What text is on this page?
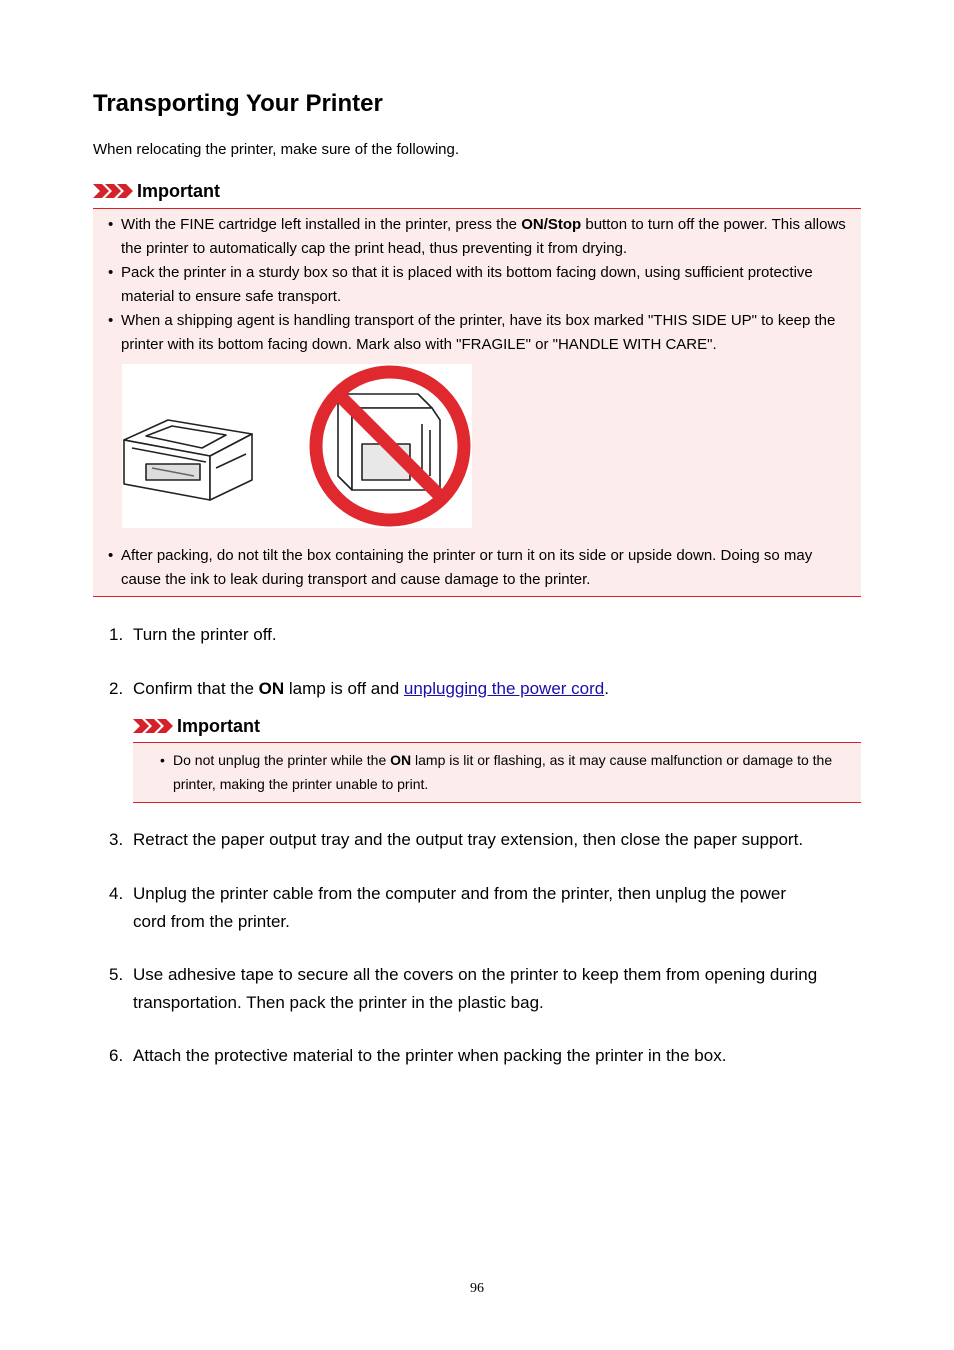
Transporting Your Printer

When relocating the printer, make sure of the following.

Important
• With the FINE cartridge left installed in the printer, press the ON/Stop button to turn off the power. This allows the printer to automatically cap the print head, thus preventing it from drying.
• Pack the printer in a sturdy box so that it is placed with its bottom facing down, using sufficient protective material to ensure safe transport.
• When a shipping agent is handling transport of the printer, have its box marked "THIS SIDE UP" to keep the printer with its bottom facing down. Mark also with "FRAGILE" or "HANDLE WITH CARE".
• After packing, do not tilt the box containing the printer or turn it on its side or upside down. Doing so may cause the ink to leak during transport and cause damage to the printer.
1. Turn the printer off.
2. Confirm that the ON lamp is off and unplugging the power cord.
Important
• Do not unplug the printer while the ON lamp is lit or flashing, as it may cause malfunction or damage to the printer, making the printer unable to print.
3. Retract the paper output tray and the output tray extension, then close the paper support.
4. Unplug the printer cable from the computer and from the printer, then unplug the power
cord from the printer.
5. Use adhesive tape to secure all the covers on the printer to keep them from opening during
transportation. Then pack the printer in the plastic bag.
6. Attach the protective material to the printer when packing the printer in the box.
96
